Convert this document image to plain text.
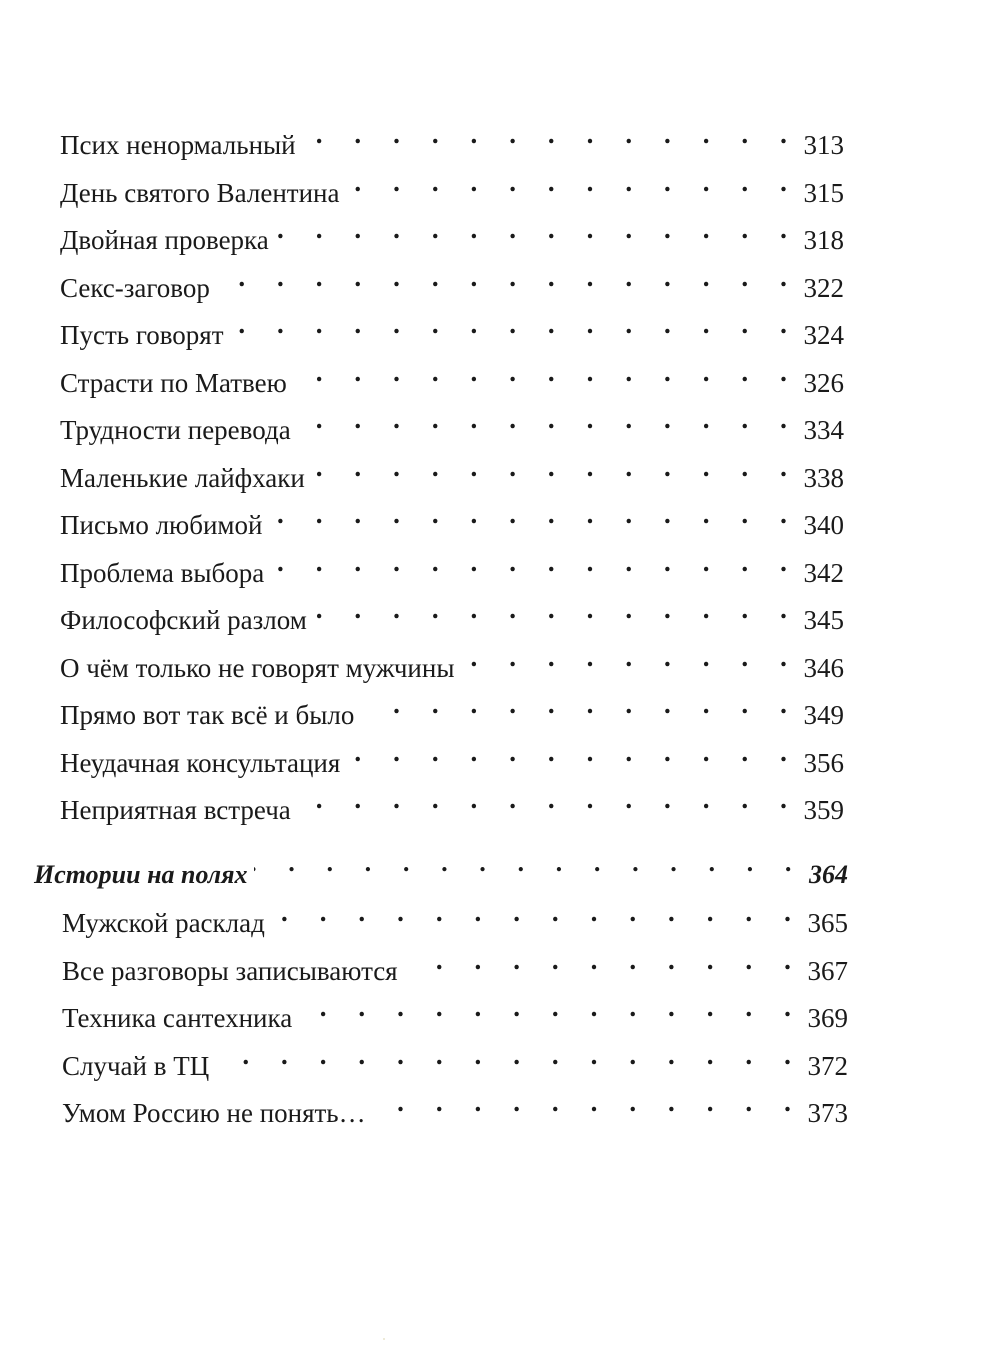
Псих ненормальный . . .	313
День святого Валентина . . .	315
Двойная проверка . . .	318
Секс-заговор . . .	322
Пусть говорят . . .	324
Страсти по Матвею . . .	326
Трудности перевода . . .	334
Маленькие лайфхаки . . .	338
Письмо любимой . . .	340
Проблема выбора . . .	342
Философский разлом . . .	345
О чём только не говорят мужчины . . .	346
Прямо вот так всё и было . . .	349
Неудачная консультация . . .	356
Неприятная встреча . . .	359
Истории на полях . . .	364
Мужской расклад . . .	365
Все разговоры записываются . . .	367
Техника сантехника . . .	369
Случай в ТЦ . . .	372
Умом Россию не понять… . . .	373
